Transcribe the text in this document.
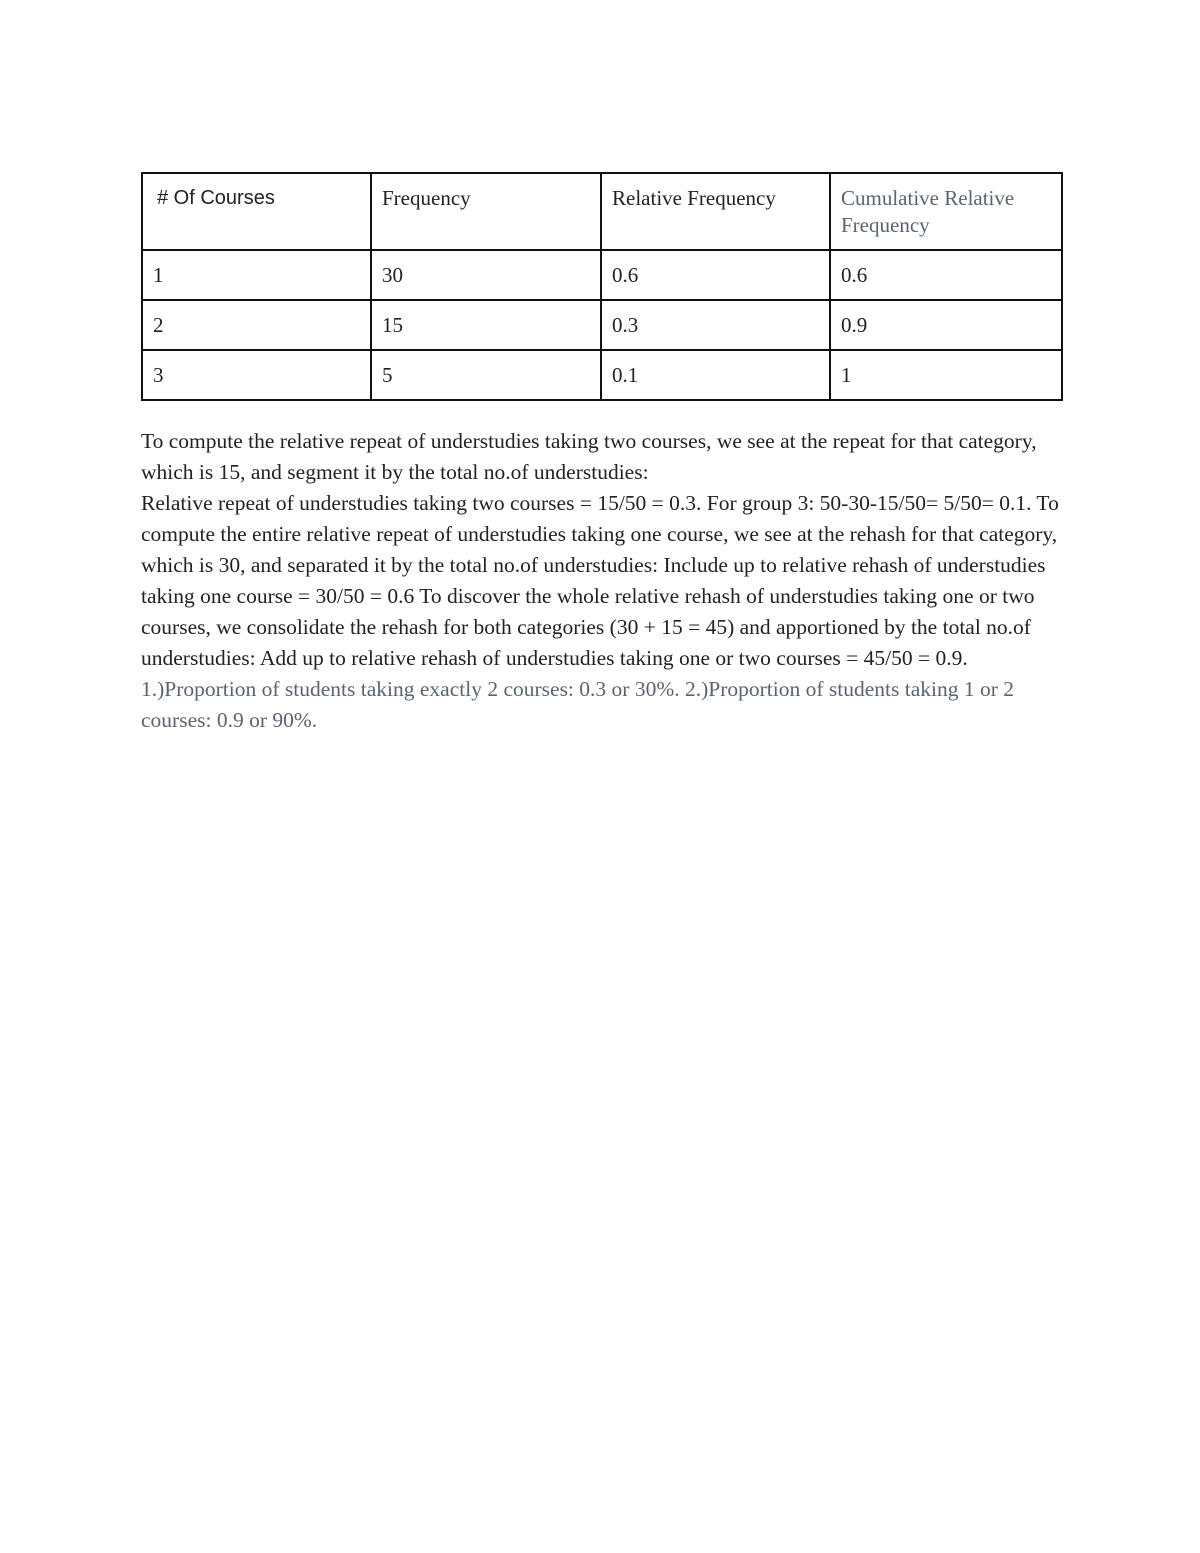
# Of Courses	Frequency	Relative Frequency	Cumulative Relative Frequency
1	30	0.6	0.6
2	15	0.3	0.9
3	5	0.1	1

To compute the relative repeat of understudies taking two courses, we see at the repeat for that category, which is 15, and segment it by the total no.of understudies:

Relative repeat of understudies taking two courses = 15/50 = 0.3. For group 3: 50-30-15/50= 5/50= 0.1. To compute the entire relative repeat of understudies taking one course, we see at the rehash for that category, which is 30, and separated it by the total no.of understudies: Include up to relative rehash of understudies taking one course = 30/50 = 0.6 To discover the whole relative rehash of understudies taking one or two courses, we consolidate the rehash for both categories (30 + 15 = 45) and apportioned by the total no.of understudies: Add up to relative rehash of understudies taking one or two courses = 45/50 = 0.9. 1.)Proportion of students taking exactly 2 courses: 0.3 or 30%. 2.)Proportion of students taking 1 or 2 courses: 0.9 or 90%.
